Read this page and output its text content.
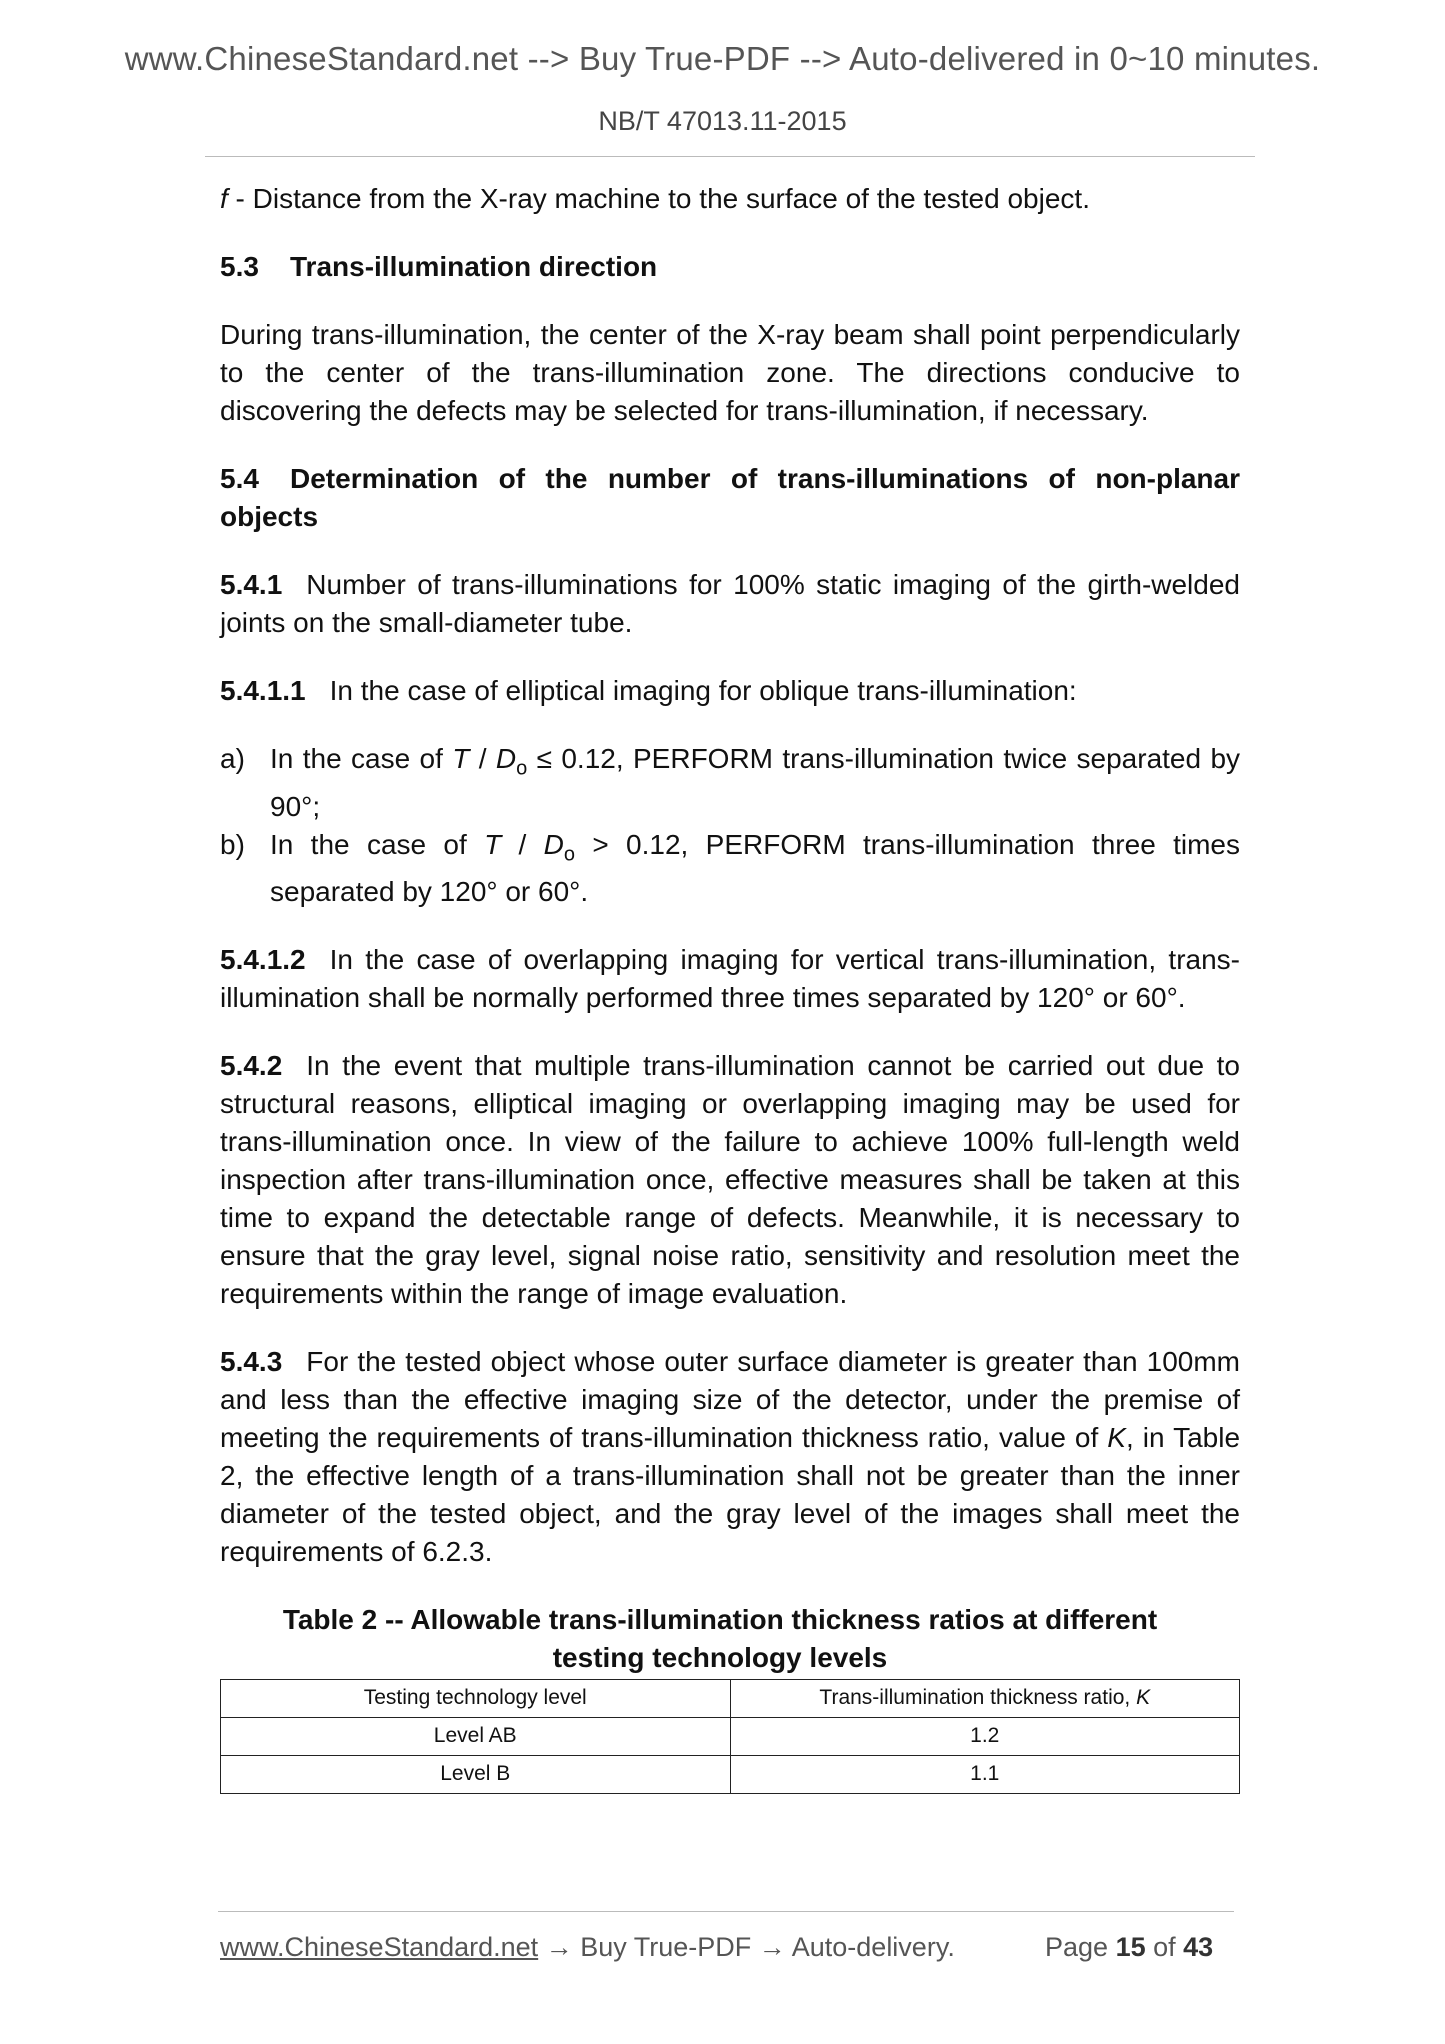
www.ChineseStandard.net --> Buy True-PDF --> Auto-delivered in 0~10 minutes.
NB/T 47013.11-2015

f - Distance from the X-ray machine to the surface of the tested object.

5.3 Trans-illumination direction

During trans-illumination, the center of the X-ray beam shall point perpendicularly to the center of the trans-illumination zone. The directions conducive to discovering the defects may be selected for trans-illumination, if necessary.

5.4 Determination of the number of trans-illuminations of non-planar objects

5.4.1 Number of trans-illuminations for 100% static imaging of the girth-welded joints on the small-diameter tube.

5.4.1.1 In the case of elliptical imaging for oblique trans-illumination:

a) In the case of $T / D_o \le 0.12$, PERFORM trans-illumination twice separated by 90°;
b) In the case of $T / D_o > 0.12$, PERFORM trans-illumination three times separated by 120° or 60°.

5.4.1.2 In the case of overlapping imaging for vertical trans-illumination, trans-illumination shall be normally performed three times separated by 120° or 60°.

5.4.2 In the event that multiple trans-illumination cannot be carried out due to structural reasons, elliptical imaging or overlapping imaging may be used for trans-illumination once. In view of the failure to achieve 100% full-length weld inspection after trans-illumination once, effective measures shall be taken at this time to expand the detectable range of defects. Meanwhile, it is necessary to ensure that the gray level, signal noise ratio, sensitivity and resolution meet the requirements within the range of image evaluation.

5.4.3 For the tested object whose outer surface diameter is greater than 100mm and less than the effective imaging size of the detector, under the premise of meeting the requirements of trans-illumination thickness ratio, value of K, in Table 2, the effective length of a trans-illumination shall not be greater than the inner diameter of the tested object, and the gray level of the images shall meet the requirements of 6.2.3.

Table 2 -- Allowable trans-illumination thickness ratios at different testing technology levels
Testing technology level	Trans-illumination thickness ratio, K
Level AB	1.2
Level B	1.1
www.ChineseStandard.net → Buy True-PDF → Auto-delivery.	Page 15 of 43
